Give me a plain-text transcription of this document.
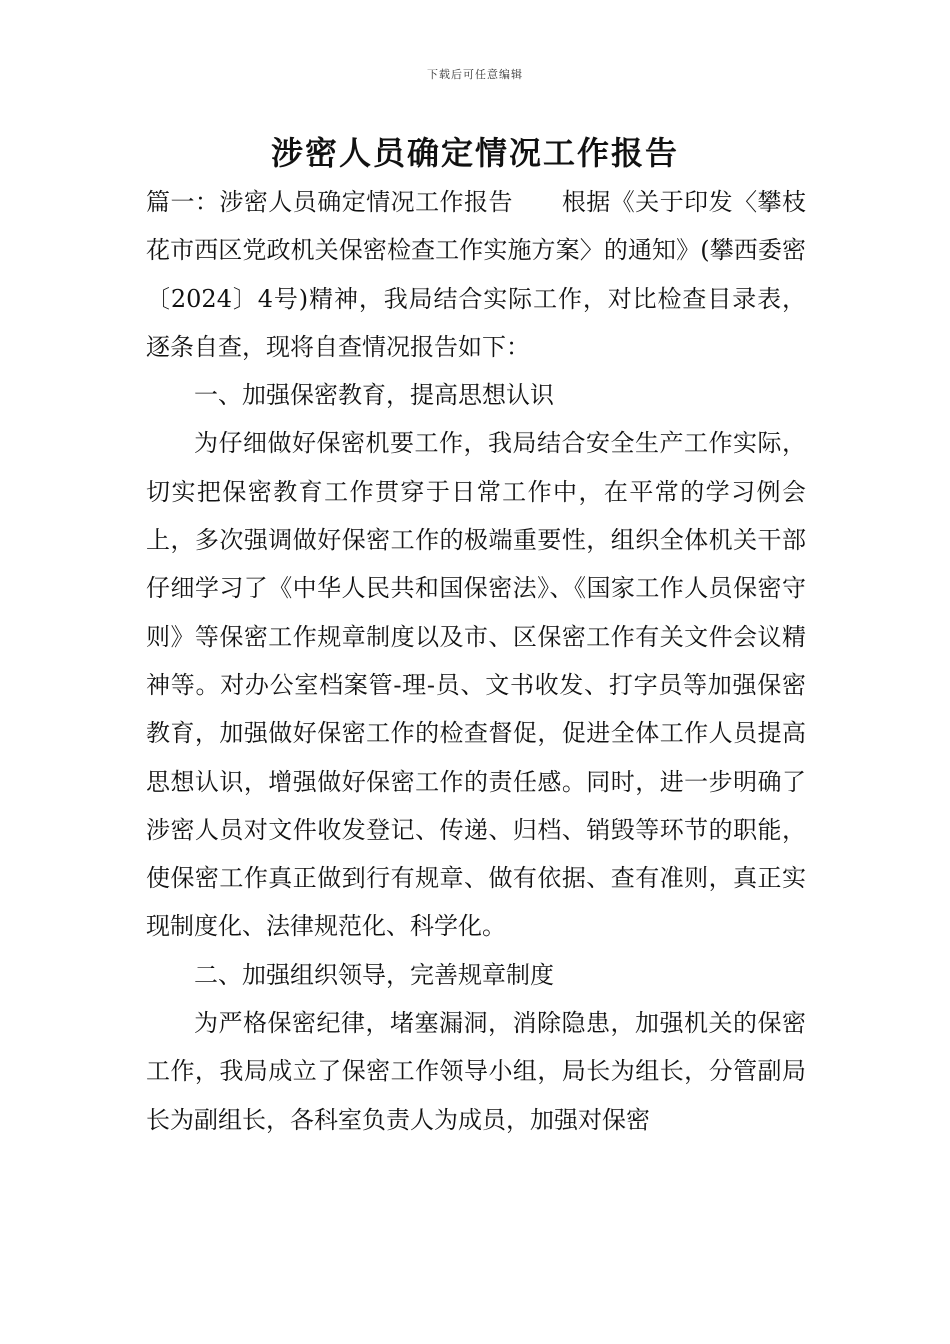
下载后可任意编辑
涉密人员确定情况工作报告

篇一：涉密人员确定情况工作报告　　根据《关于印发〈攀枝花市西区党政机关保密检查工作实施方案〉的通知》(攀西委密〔2024〕4号)精神，我局结合实际工作，对比检查目录表，逐条自查，现将自查情况报告如下：

一、加强保密教育，提高思想认识

为仔细做好保密机要工作，我局结合安全生产工作实际，切实把保密教育工作贯穿于日常工作中，在平常的学习例会上，多次强调做好保密工作的极端重要性，组织全体机关干部仔细学习了《中华人民共和国保密法》、《国家工作人员保密守则》等保密工作规章制度以及市、区保密工作有关文件会议精神等。对办公室档案管-理-员、文书收发、打字员等加强保密教育，加强做好保密工作的检查督促，促进全体工作人员提高思想认识，增强做好保密工作的责任感。同时，进一步明确了涉密人员对文件收发登记、传递、归档、销毁等环节的职能，使保密工作真正做到行有规章、做有依据、查有准则，真正实现制度化、法律规范化、科学化。

二、加强组织领导，完善规章制度

为严格保密纪律，堵塞漏洞，消除隐患，加强机关的保密工作，我局成立了保密工作领导小组，局长为组长，分管副局长为副组长，各科室负责人为成员，加强对保密
